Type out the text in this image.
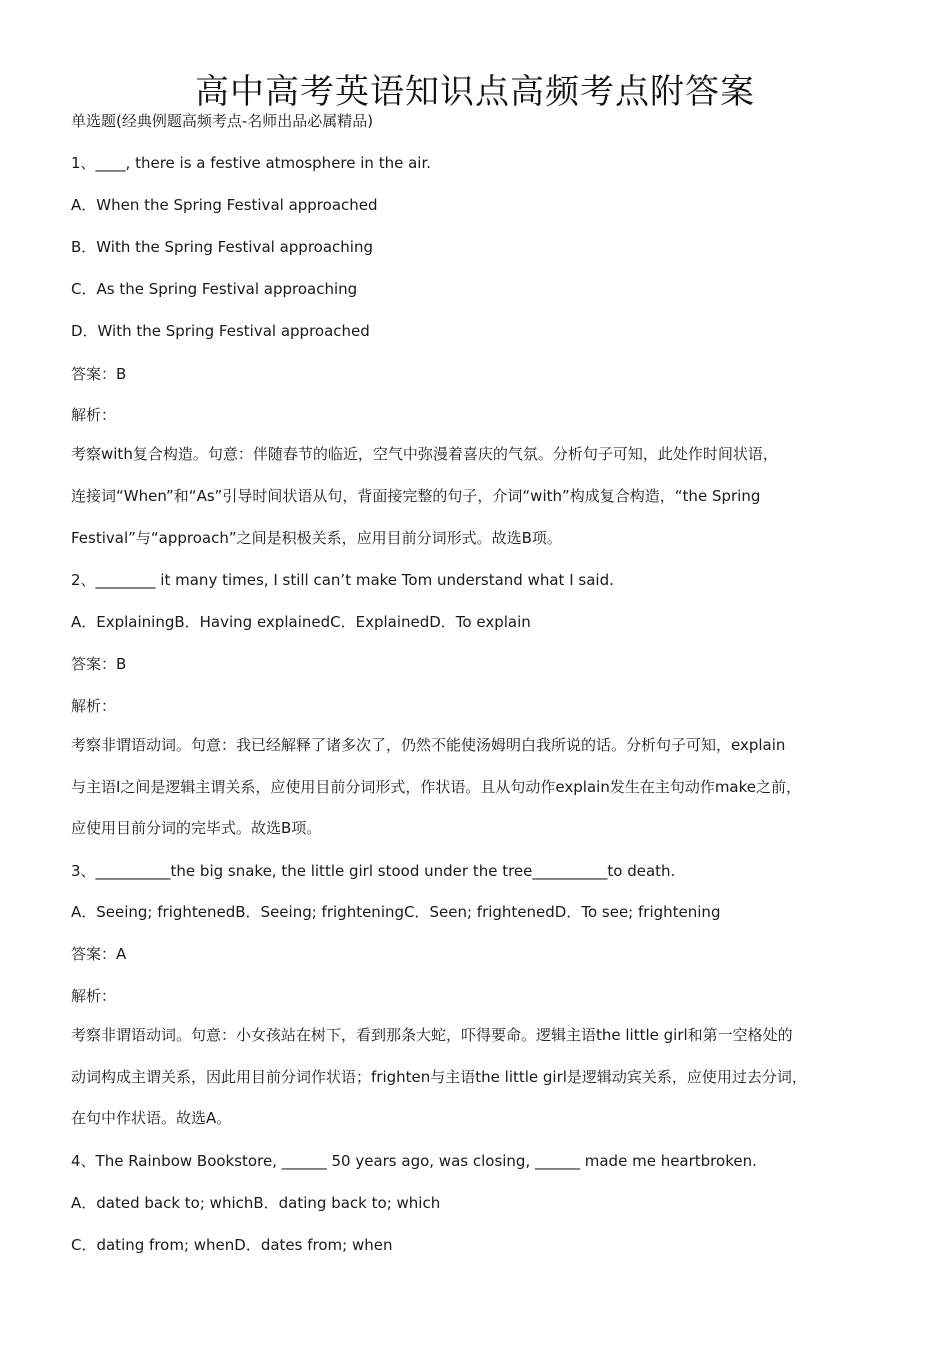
高中高考英语知识点高频考点附答案
单选题(经典例题高频考点-名师出品必属精品)
1、____, there is a festive atmosphere in the air.
A．When the Spring Festival approached
B．With the Spring Festival approaching
C．As the Spring Festival approaching
D．With the Spring Festival approached
答案：B
解析：
考察with复合构造。句意：伴随春节的临近，空气中弥漫着喜庆的气氛。分析句子可知，此处作时间状语，
连接词“When”和“As”引导时间状语从句，背面接完整的句子，介词“with”构成复合构造，“the Spring
Festival”与“approach”之间是积极关系，应用目前分词形式。故选B项。
2、________ it many times, I still can’t make Tom understand what I said.
A．ExplainingB．Having explainedC．ExplainedD．To explain
答案：B
解析：
考察非谓语动词。句意：我已经解释了诸多次了，仍然不能使汤姆明白我所说的话。分析句子可知，explain
与主语I之间是逻辑主谓关系，应使用目前分词形式，作状语。且从句动作explain发生在主句动作make之前，
应使用目前分词的完毕式。故选B项。
3、__________the big snake, the little girl stood under the tree__________to death.
A．Seeing; frightenedB．Seeing; frighteningC．Seen; frightenedD．To see; frightening
答案：A
解析：
考察非谓语动词。句意：小女孩站在树下，看到那条大蛇，吓得要命。逻辑主语the little girl和第一空格处的
动词构成主谓关系，因此用目前分词作状语；frighten与主语the little girl是逻辑动宾关系，应使用过去分词，
在句中作状语。故选A。
4、The Rainbow Bookstore, ______ 50 years ago, was closing, ______ made me heartbroken.
A．dated back to; whichB．dating back to; which
C．dating from; whenD．dates from; when
